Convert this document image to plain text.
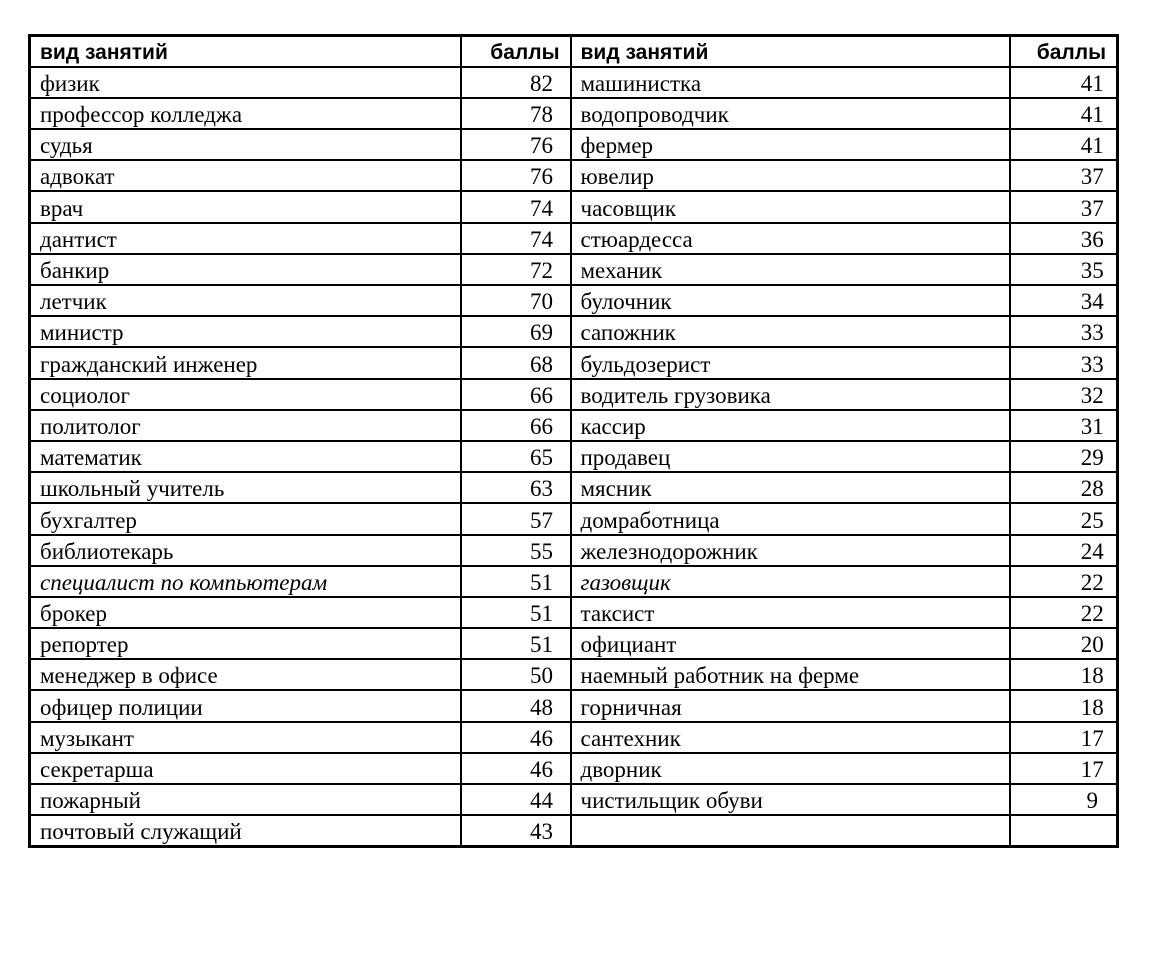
вид занятий	баллы	вид занятий	баллы
физик	82	машинистка	41
профессор колледжа	78	водопроводчик	41
судья	76	фермер	41
адвокат	76	ювелир	37
врач	74	часовщик	37
дантист	74	стюардесса	36
банкир	72	механик	35
летчик	70	булочник	34
министр	69	сапожник	33
гражданский инженер	68	бульдозерист	33
социолог	66	водитель грузовика	32
политолог	66	кассир	31
математик	65	продавец	29
школьный учитель	63	мясник	28
бухгалтер	57	домработница	25
библиотекарь	55	железнодорожник	24
специалист по компьютерам	51	газовщик	22
брокер	51	таксист	22
репортер	51	официант	20
менеджер в офисе	50	наемный работник на ферме	18
офицер полиции	48	горничная	18
музыкант	46	сантехник	17
секретарша	46	дворник	17
пожарный	44	чистильщик обуви	9
почтовый служащий	43		
